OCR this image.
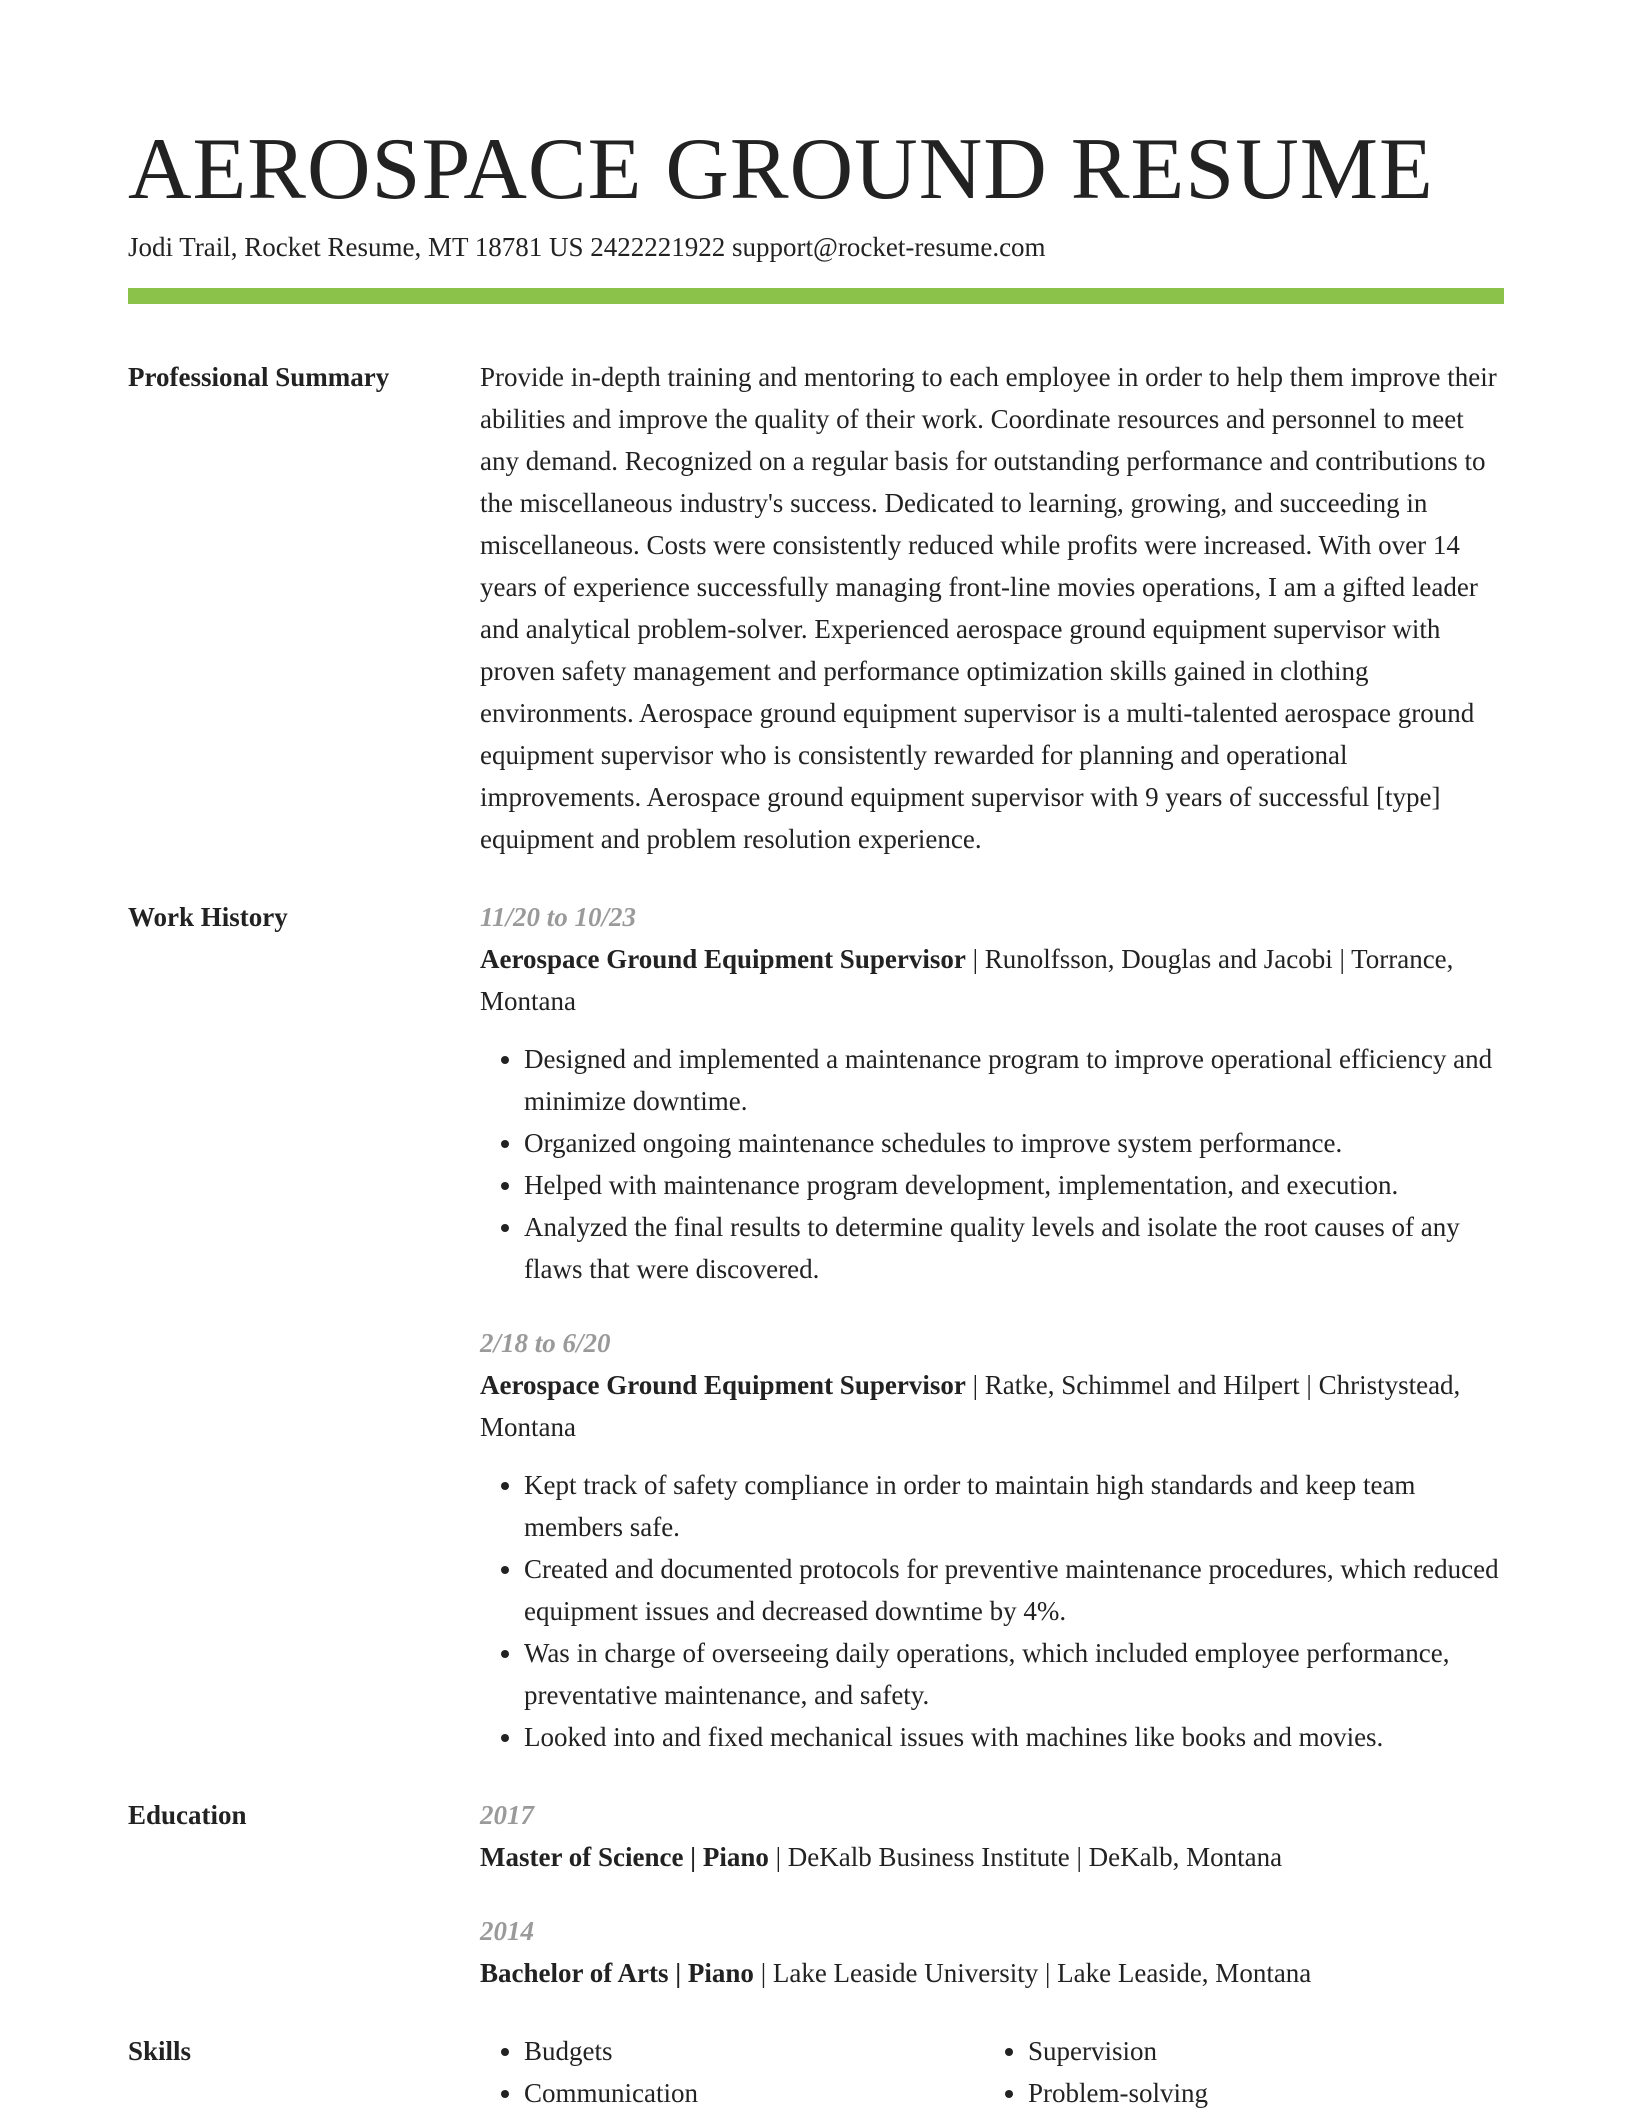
AEROSPACE GROUND RESUME
Jodi Trail, Rocket Resume, MT 18781 US 2422221922 support@rocket-resume.com
Professional Summary	Provide in-depth training and mentoring to each employee in order to help them improve their abilities and improve the quality of their work. Coordinate resources and personnel to meet any demand. Recognized on a regular basis for outstanding performance and contributions to the miscellaneous industry's success. Dedicated to learning, growing, and succeeding in miscellaneous. Costs were consistently reduced while profits were increased. With over 14 years of experience successfully managing front-line movies operations, I am a gifted leader and analytical problem-solver. Experienced aerospace ground equipment supervisor with proven safety management and performance optimization skills gained in clothing environments. Aerospace ground equipment supervisor is a multi-talented aerospace ground equipment supervisor who is consistently rewarded for planning and operational improvements. Aerospace ground equipment supervisor with 9 years of successful [type] equipment and problem resolution experience.

Work History	11/20 to 10/23
Aerospace Ground Equipment Supervisor | Runolfsson, Douglas and Jacobi | Torrance, Montana
• Designed and implemented a maintenance program to improve operational efficiency and minimize downtime.
• Organized ongoing maintenance schedules to improve system performance.
• Helped with maintenance program development, implementation, and execution.
• Analyzed the final results to determine quality levels and isolate the root causes of any flaws that were discovered.
2/18 to 6/20
Aerospace Ground Equipment Supervisor | Ratke, Schimmel and Hilpert | Christystead, Montana
• Kept track of safety compliance in order to maintain high standards and keep team members safe.
• Created and documented protocols for preventive maintenance procedures, which reduced equipment issues and decreased downtime by 4%.
• Was in charge of overseeing daily operations, which included employee performance, preventative maintenance, and safety.
• Looked into and fixed mechanical issues with machines like books and movies.
Education	2017
Master of Science | Piano | DeKalb Business Institute | DeKalb, Montana
2014
Bachelor of Arts | Piano | Lake Leaside University | Lake Leaside, Montana
Skills
•	Budgets
• Communication
• Supervision
• Problem-solving
